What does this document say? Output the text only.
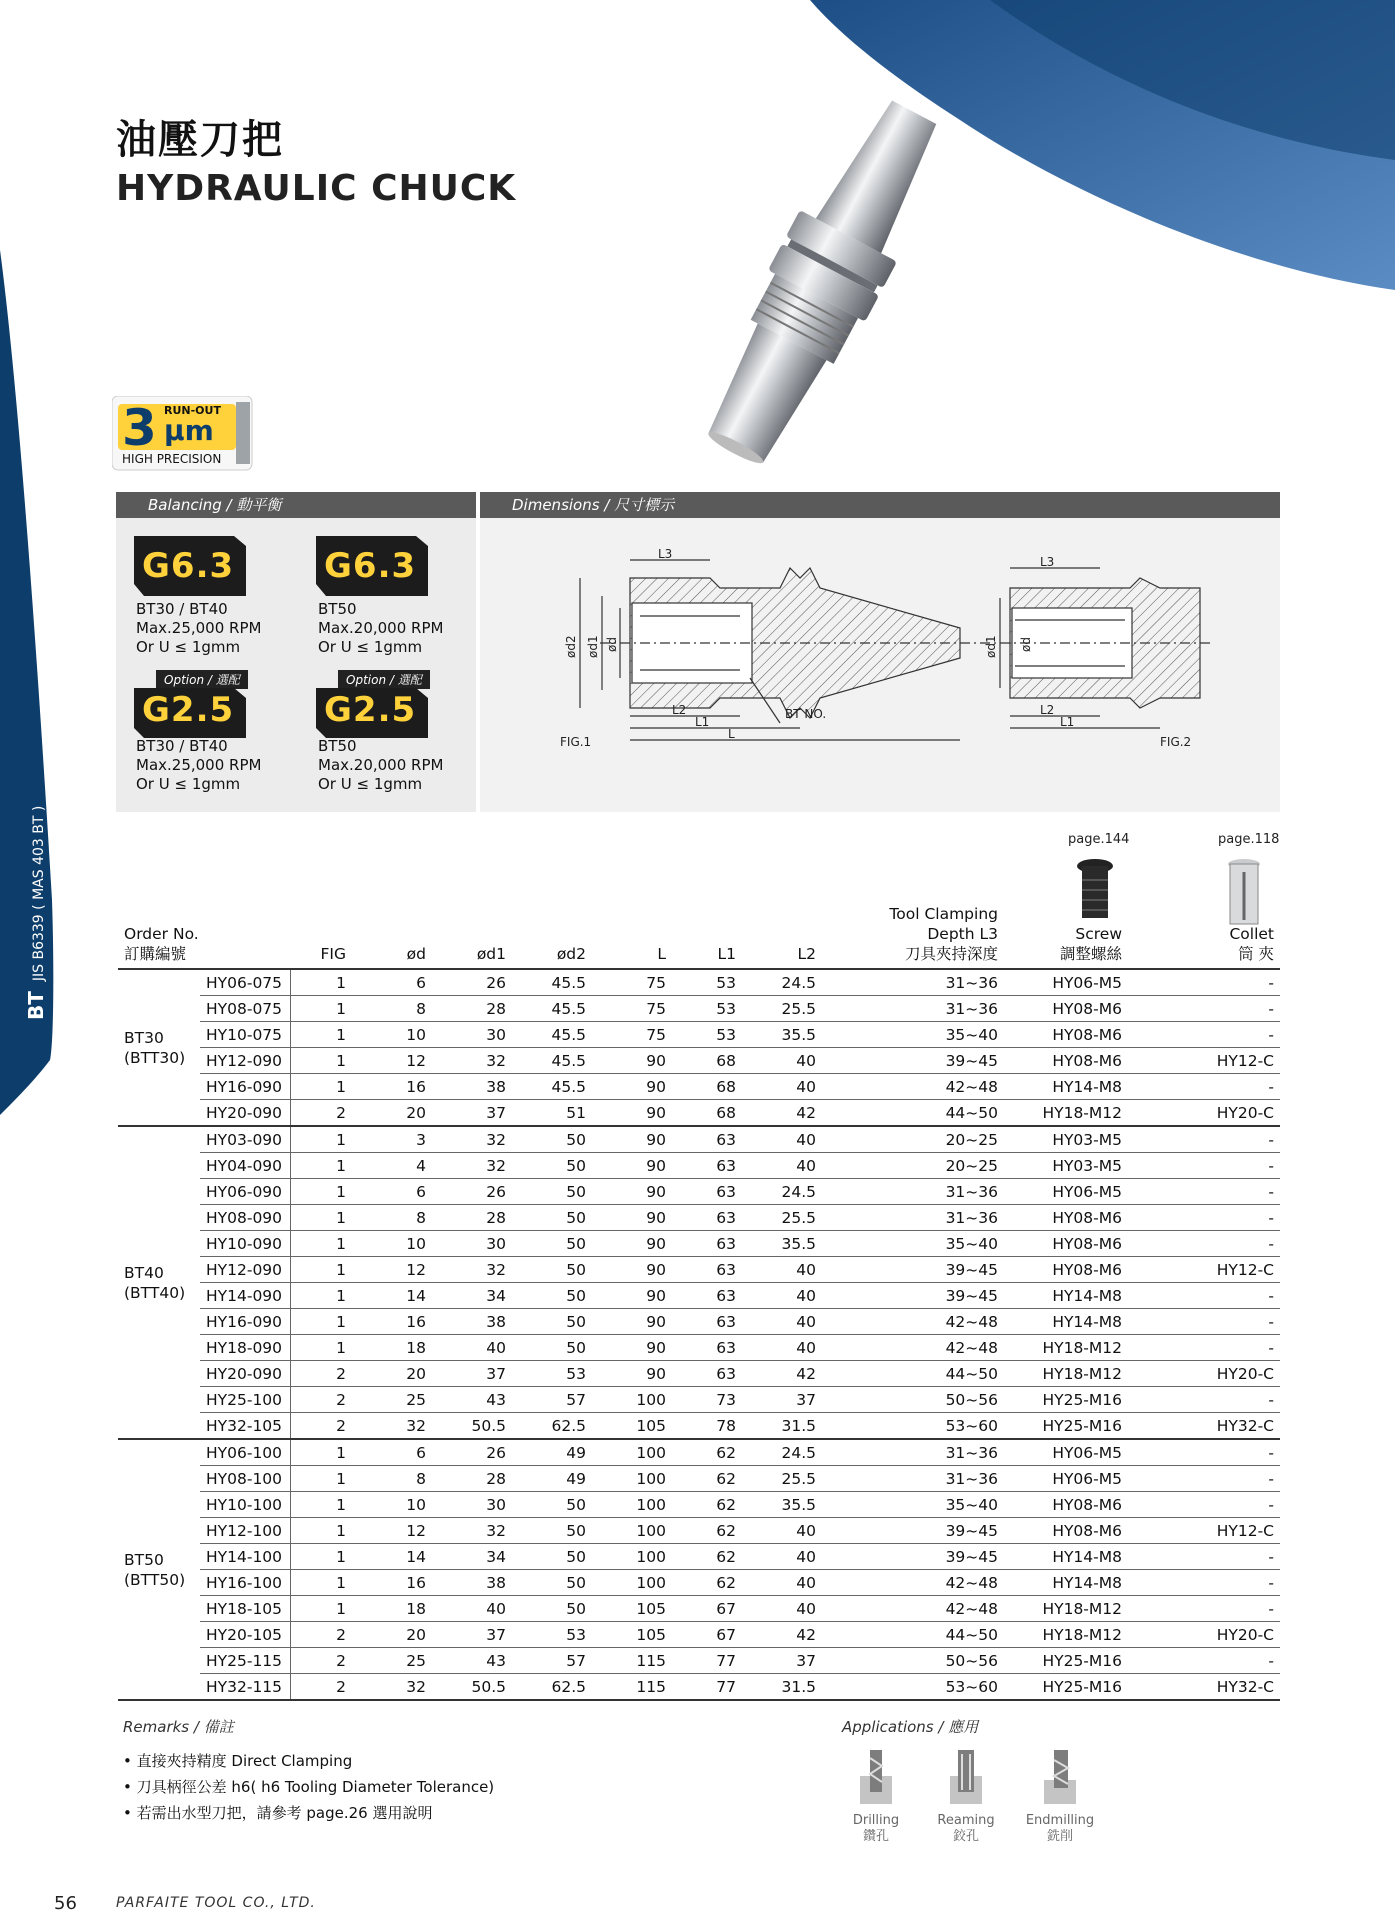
BTJIS B6339 ( MAS 403 BT )
油壓刀把
HYDRAULIC CHUCK
3 RUN-OUT
μm
HIGH PRECISION
Balancing / 動平衡	Dimensions / 尺寸標示
G6.3
BT30 / BT40
Max.25,000 RPM
Or U ≤ 1gmm
G6.3
BT50
Max.20,000 RPM
Or U ≤ 1gmm
Option / 選配
G2.5
BT30 / BT40
Max.25,000 RPM
Or U ≤ 1gmm
Option / 選配
G2.5
BT50
Max.20,000 RPM
Or U ≤ 1gmm
L3
L2
L1
L
ød2 ød1 ød
BT NO.
FIG.1
L3
L2
L1
ød1 ød
FIG.2
page.144	page.118
Order No.
訂購編號		FIG	ød	ød1	ød2	L	L1	L2	Tool Clamping
Depth L3
刀具夾持深度	Screw
調整螺絲	Collet
筒 夾

BT30
(BTT30)	HY06-075	1	6	26	45.5	75	53	24.5	31~36	HY06-M5	-
	HY08-075	1	8	28	45.5	75	53	25.5	31~36	HY08-M6	-
	HY10-075	1	10	30	45.5	75	53	35.5	35~40	HY08-M6	-
	HY12-090	1	12	32	45.5	90	68	40	39~45	HY08-M6	HY12-C
	HY16-090	1	16	38	45.5	90	68	40	42~48	HY14-M8	-
	HY20-090	2	20	37	51	90	68	42	44~50	HY18-M12	HY20-C

BT40
(BTT40)	HY03-090	1	3	32	50	90	63	40	20~25	HY03-M5	-
	HY04-090	1	4	32	50	90	63	40	20~25	HY03-M5	-
	HY06-090	1	6	26	50	90	63	24.5	31~36	HY06-M5	-
	HY08-090	1	8	28	50	90	63	25.5	31~36	HY08-M6	-
	HY10-090	1	10	30	50	90	63	35.5	35~40	HY08-M6	-
	HY12-090	1	12	32	50	90	63	40	39~45	HY08-M6	HY12-C
	HY14-090	1	14	34	50	90	63	40	39~45	HY14-M8	-
	HY16-090	1	16	38	50	90	63	40	42~48	HY14-M8	-
	HY18-090	1	18	40	50	90	63	40	42~48	HY18-M12	-
	HY20-090	2	20	37	53	90	63	42	44~50	HY18-M12	HY20-C
	HY25-100	2	25	43	57	100	73	37	50~56	HY25-M16	-
	HY32-105	2	32	50.5	62.5	105	78	31.5	53~60	HY25-M16	HY32-C

BT50
(BTT50)	HY06-100	1	6	26	49	100	62	24.5	31~36	HY06-M5	-
	HY08-100	1	8	28	49	100	62	25.5	31~36	HY06-M5	-
	HY10-100	1	10	30	50	100	62	35.5	35~40	HY08-M6	-
	HY12-100	1	12	32	50	100	62	40	39~45	HY08-M6	HY12-C
	HY14-100	1	14	34	50	100	62	40	39~45	HY14-M8	-
	HY16-100	1	16	38	50	100	62	40	42~48	HY14-M8	-
	HY18-105	1	18	40	50	105	67	40	42~48	HY18-M12	-
	HY20-105	2	20	37	53	105	67	42	44~50	HY18-M12	HY20-C
	HY25-115	2	25	43	57	115	77	37	50~56	HY25-M16	-
	HY32-115	2	32	50.5	62.5	115	77	31.5	53~60	HY25-M16	HY32-C
Remarks / 備註
• 直接夾持精度 Direct Clamping
• 刀具柄徑公差 h6( h6 Tooling Diameter Tolerance)
• 若需出水型刀把，請參考 page.26 選用說明
Applications / 應用
Drilling
鑽孔
Reaming
鉸孔
Endmilling
銑削
56	PARFAITE TOOL CO., LTD.
